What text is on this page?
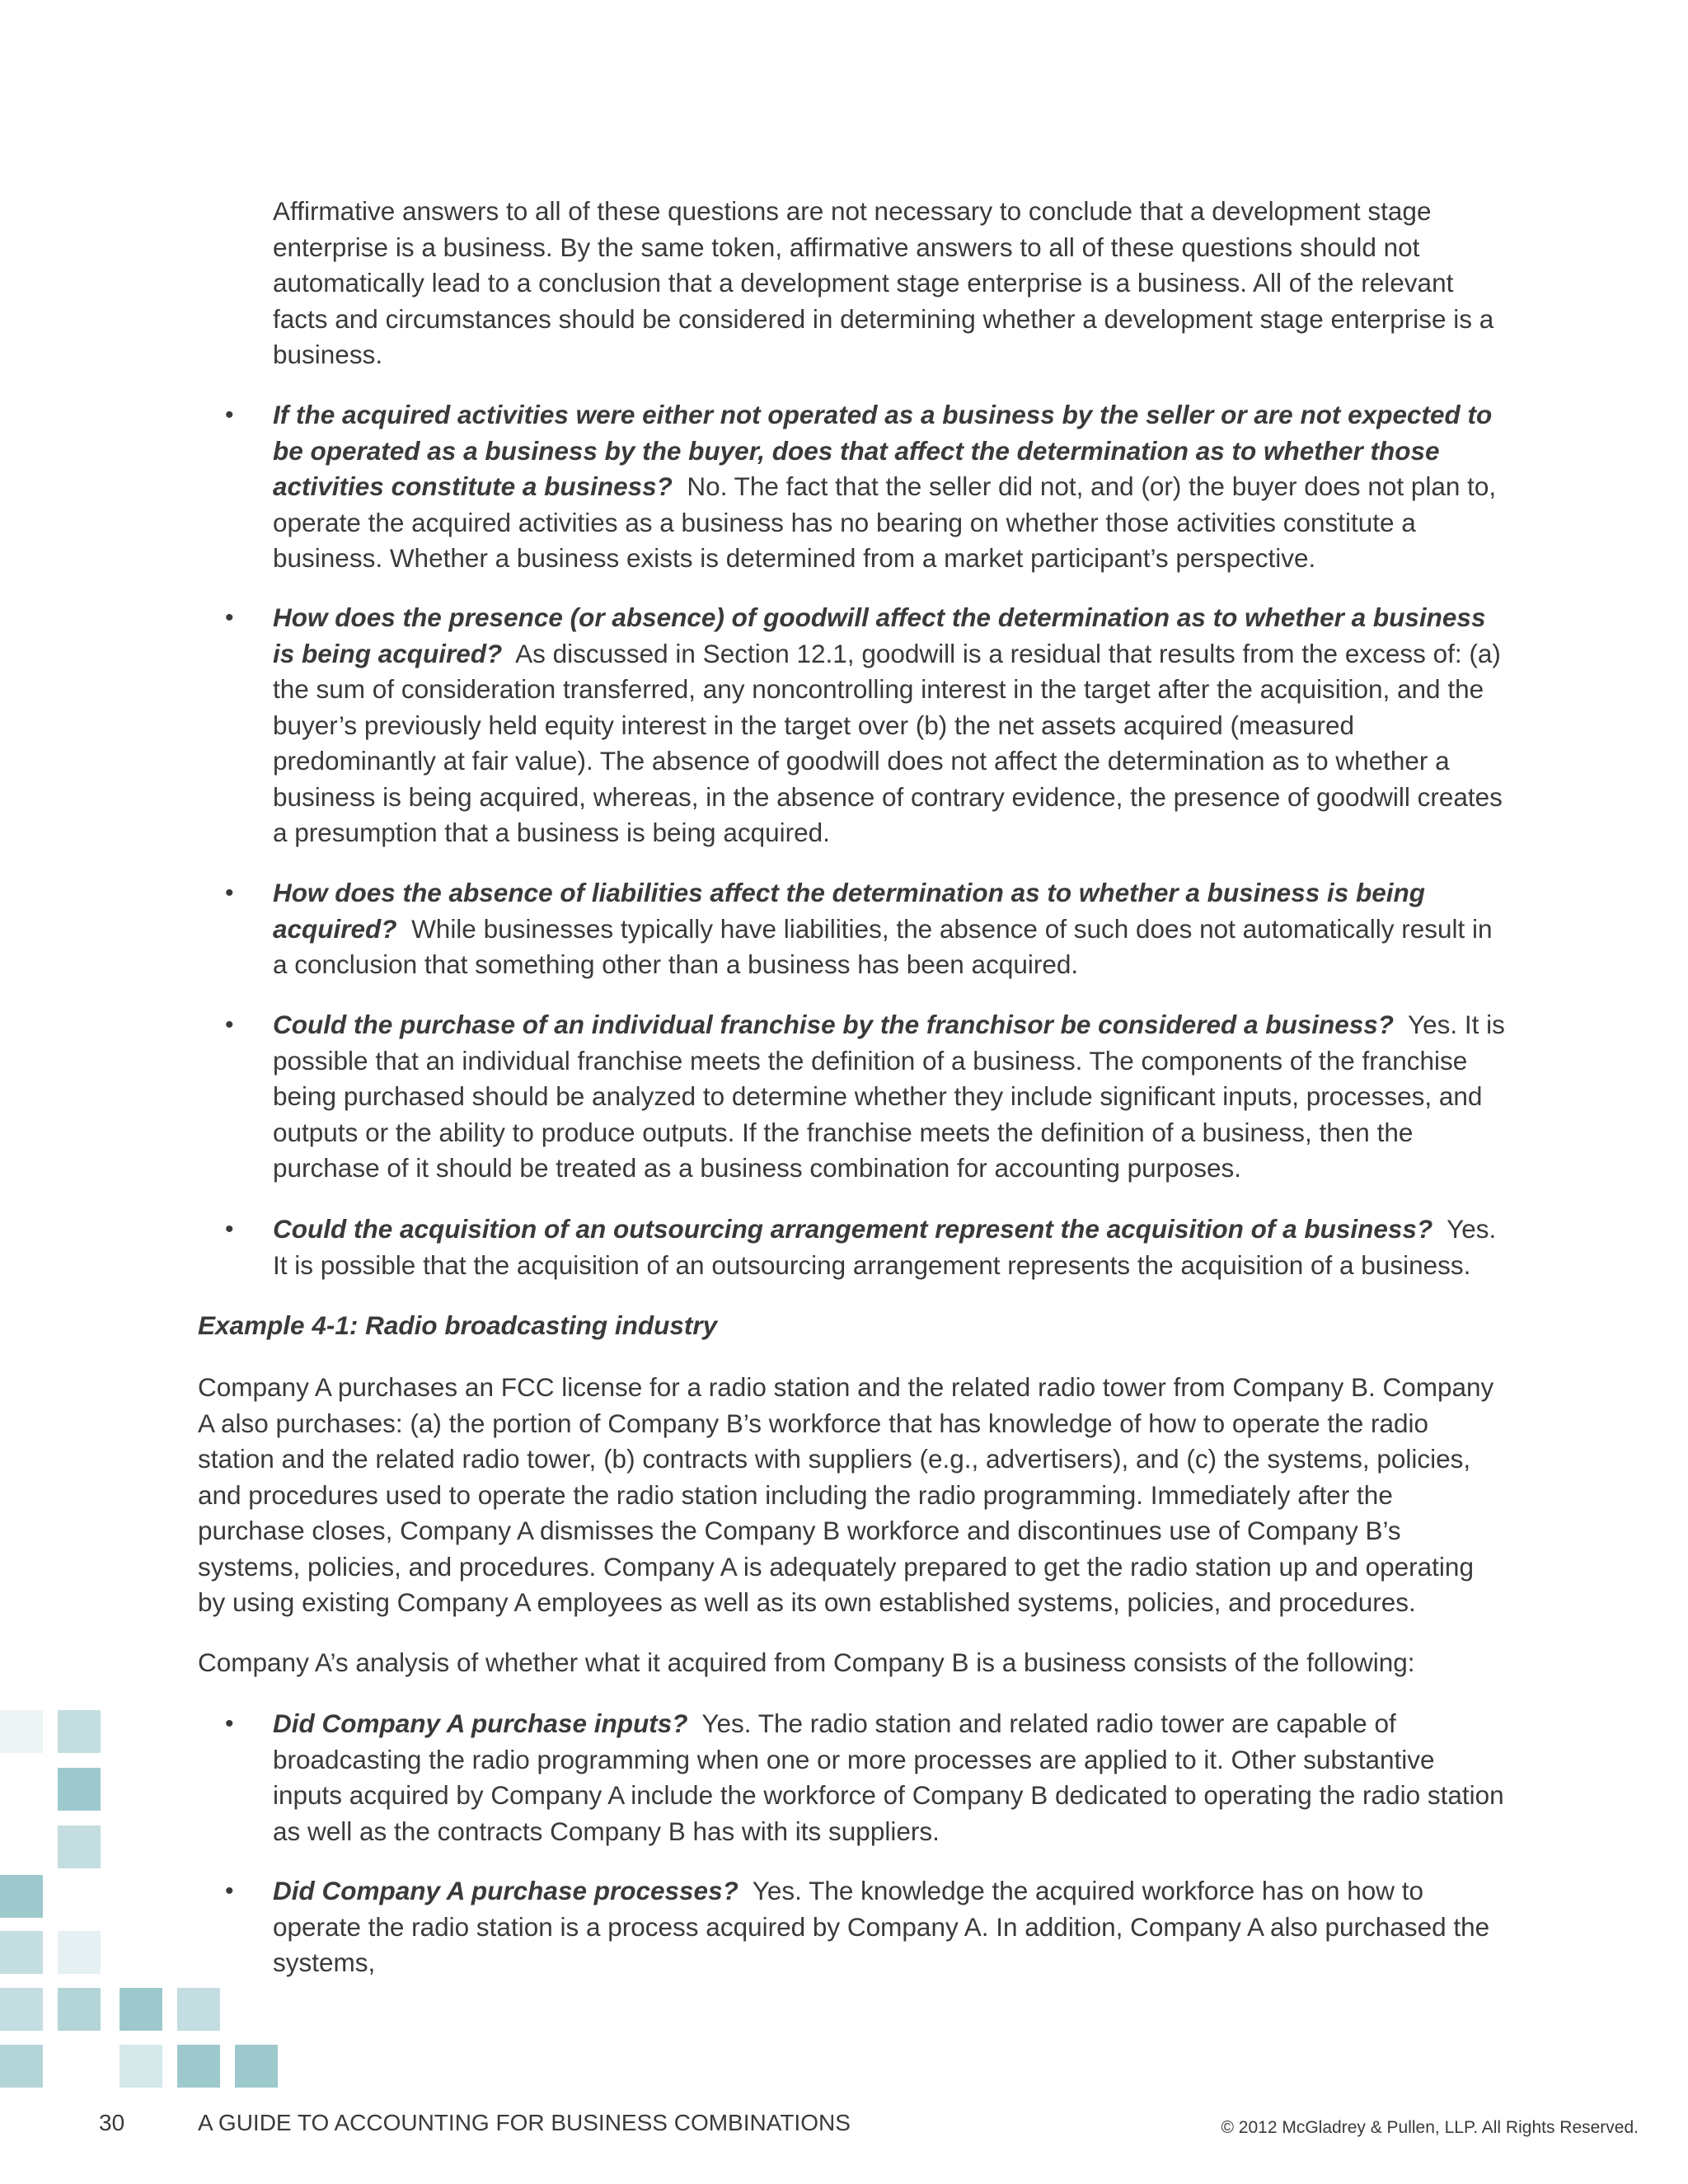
Affirmative answers to all of these questions are not necessary to conclude that a development stage enterprise is a business. By the same token, affirmative answers to all of these questions should not automatically lead to a conclusion that a development stage enterprise is a business. All of the relevant facts and circumstances should be considered in determining whether a development stage enterprise is a business.

• If the acquired activities were either not operated as a business by the seller or are not expected to be operated as a business by the buyer, does that affect the determination as to whether those activities constitute a business? No. The fact that the seller did not, and (or) the buyer does not plan to, operate the acquired activities as a business has no bearing on whether those activities constitute a business. Whether a business exists is determined from a market participant’s perspective.

• How does the presence (or absence) of goodwill affect the determination as to whether a business is being acquired? As discussed in Section 12.1, goodwill is a residual that results from the excess of: (a) the sum of consideration transferred, any noncontrolling interest in the target after the acquisition, and the buyer’s previously held equity interest in the target over (b) the net assets acquired (measured predominantly at fair value). The absence of goodwill does not affect the determination as to whether a business is being acquired, whereas, in the absence of contrary evidence, the presence of goodwill creates a presumption that a business is being acquired.

• How does the absence of liabilities affect the determination as to whether a business is being acquired? While businesses typically have liabilities, the absence of such does not automatically result in a conclusion that something other than a business has been acquired.

• Could the purchase of an individual franchise by the franchisor be considered a business? Yes. It is possible that an individual franchise meets the definition of a business. The components of the franchise being purchased should be analyzed to determine whether they include significant inputs, processes, and outputs or the ability to produce outputs. If the franchise meets the definition of a business, then the purchase of it should be treated as a business combination for accounting purposes.

• Could the acquisition of an outsourcing arrangement represent the acquisition of a business? Yes. It is possible that the acquisition of an outsourcing arrangement represents the acquisition of a business.

Example 4-1: Radio broadcasting industry

Company A purchases an FCC license for a radio station and the related radio tower from Company B. Company A also purchases: (a) the portion of Company B’s workforce that has knowledge of how to operate the radio station and the related radio tower, (b) contracts with suppliers (e.g., advertisers), and (c) the systems, policies, and procedures used to operate the radio station including the radio programming. Immediately after the purchase closes, Company A dismisses the Company B workforce and discontinues use of Company B’s systems, policies, and procedures. Company A is adequately prepared to get the radio station up and operating by using existing Company A employees as well as its own established systems, policies, and procedures.

Company A’s analysis of whether what it acquired from Company B is a business consists of the following:

• Did Company A purchase inputs? Yes. The radio station and related radio tower are capable of broadcasting the radio programming when one or more processes are applied to it. Other substantive inputs acquired by Company A include the workforce of Company B dedicated to operating the radio station as well as the contracts Company B has with its suppliers.

• Did Company A purchase processes? Yes. The knowledge the acquired workforce has on how to operate the radio station is a process acquired by Company A. In addition, Company A also purchased the systems,

30	A GUIDE TO ACCOUNTING FOR BUSINESS COMBINATIONS	© 2012 McGladrey & Pullen, LLP. All Rights Reserved.
